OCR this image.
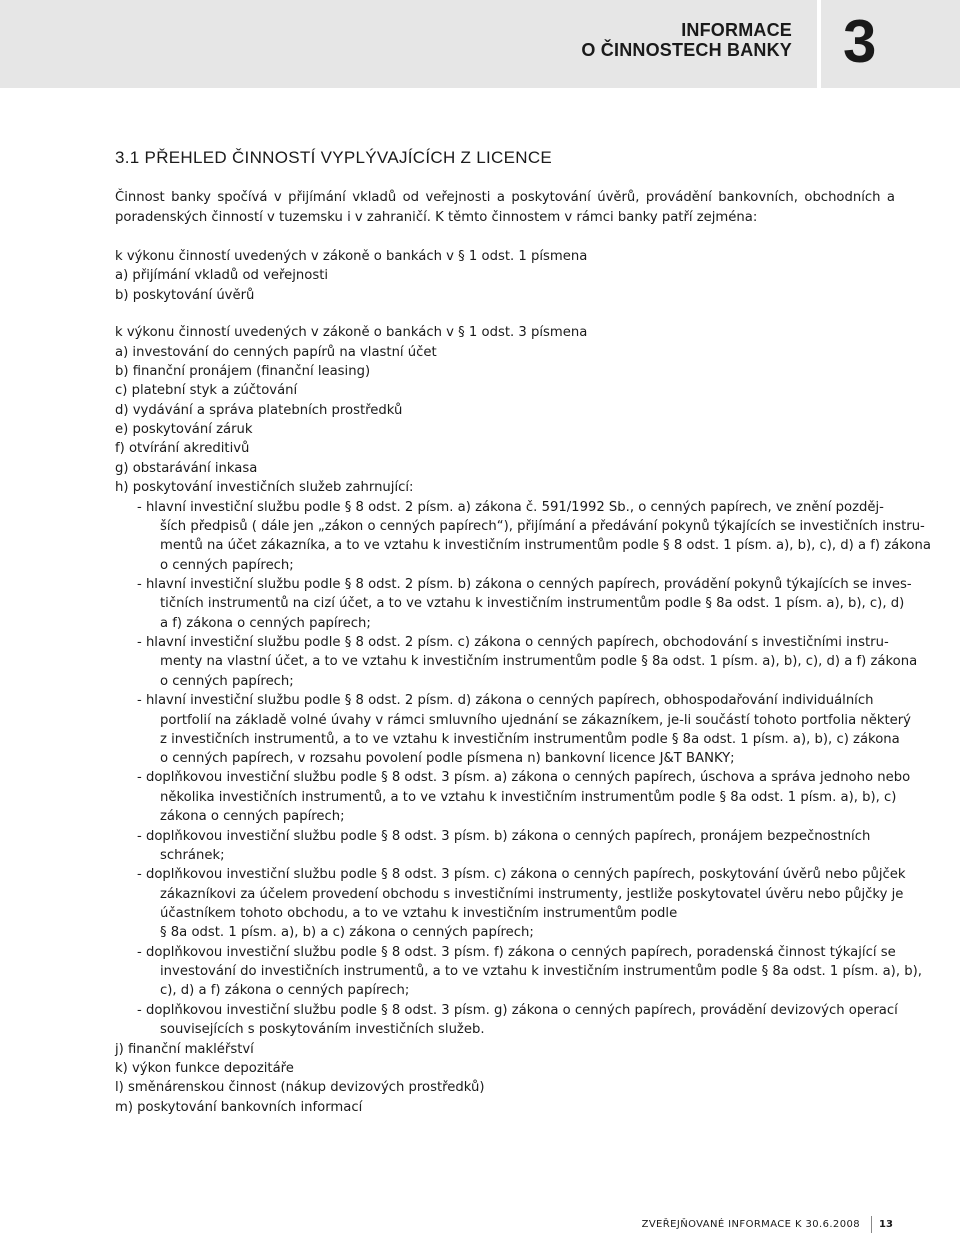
INFORMACE
O ČINNOSTECH BANKY 3
3.1 PŘEHLED ČINNOSTÍ VYPLÝVAJÍCÍCH Z LICENCE
Činnost banky spočívá v přijímání vkladů od veřejnosti a poskytování úvěrů, provádění bankovních, obchodních a poradenských činností v tuzemsku i v zahraničí. K těmto činnostem v rámci banky patří zejména:
k výkonu činností uvedených v zákoně o bankách v § 1 odst. 1 písmena
a) přijímání vkladů od veřejnosti
b) poskytování úvěrů
k výkonu činností uvedených v zákoně o bankách v § 1 odst. 3 písmena
a) investování do cenných papírů na vlastní účet
b) finanční pronájem (finanční leasing)
c) platební styk a zúčtování
d) vydávání a správa platebních prostředků
e) poskytování záruk
f) otvírání akreditivů
g) obstarávání inkasa
h) poskytování investičních služeb zahrnující:
- hlavní investiční službu podle § 8 odst. 2 písm. a) zákona č. 591/1992 Sb., o cenných papírech, ve znění pozděj-
ších předpisů ( dále jen „zákon o cenných papírech“), přijímání a předávání pokynů týkajících se investičních instru-
mentů na účet zákazníka, a to ve vztahu k investičním instrumentům podle § 8 odst. 1 písm. a), b), c), d) a f) zákona
o cenných papírech;
- hlavní investiční službu podle § 8 odst. 2 písm. b) zákona o cenných papírech, provádění pokynů týkajících se inves-
tičních instrumentů na cizí účet, a to ve vztahu k investičním instrumentům podle § 8a odst. 1 písm. a), b), c), d)
a f) zákona o cenných papírech;
- hlavní investiční službu podle § 8 odst. 2 písm. c) zákona o cenných papírech, obchodování s investičními instru-
menty na vlastní účet, a to ve vztahu k investičním instrumentům podle § 8a odst. 1 písm. a), b), c), d) a f) zákona
o cenných papírech;
- hlavní investiční službu podle § 8 odst. 2 písm. d) zákona o cenných papírech, obhospodařování individuálních
portfolií na základě volné úvahy v rámci smluvního ujednání se zákazníkem, je-li součástí tohoto portfolia některý
z investičních instrumentů, a to ve vztahu k investičním instrumentům podle § 8a odst. 1 písm. a), b), c) zákona
o cenných papírech, v rozsahu povolení podle písmena n) bankovní licence J&T BANKY;
- doplňkovou investiční službu podle § 8 odst. 3 písm. a) zákona o cenných papírech, úschova a správa jednoho nebo
několika investičních instrumentů, a to ve vztahu k investičním instrumentům podle § 8a odst. 1 písm. a), b), c)
zákona o cenných papírech;
- doplňkovou investiční službu podle § 8 odst. 3 písm. b) zákona o cenných papírech, pronájem bezpečnostních
schránek;
- doplňkovou investiční službu podle § 8 odst. 3 písm. c) zákona o cenných papírech, poskytování úvěrů nebo půjček
zákazníkovi za účelem provedení obchodu s investičními instrumenty, jestliže poskytovatel úvěru nebo půjčky je
účastníkem tohoto obchodu, a to ve vztahu k investičním instrumentům podle
§ 8a odst. 1 písm. a), b) a c) zákona o cenných papírech;
- doplňkovou investiční službu podle § 8 odst. 3 písm. f) zákona o cenných papírech, poradenská činnost týkající se
investování do investičních instrumentů, a to ve vztahu k investičním instrumentům podle § 8a odst. 1 písm. a), b),
c), d) a f) zákona o cenných papírech;
- doplňkovou investiční službu podle § 8 odst. 3 písm. g) zákona o cenných papírech, provádění devizových operací
souvisejících s poskytováním investičních služeb.
j) finanční makléřství
k) výkon funkce depozitáře
l) směnárenskou činnost (nákup devizových prostředků)
m) poskytování bankovních informací
ZVEŘEJŇOVANÉ INFORMACE K 30.6.2008 13
